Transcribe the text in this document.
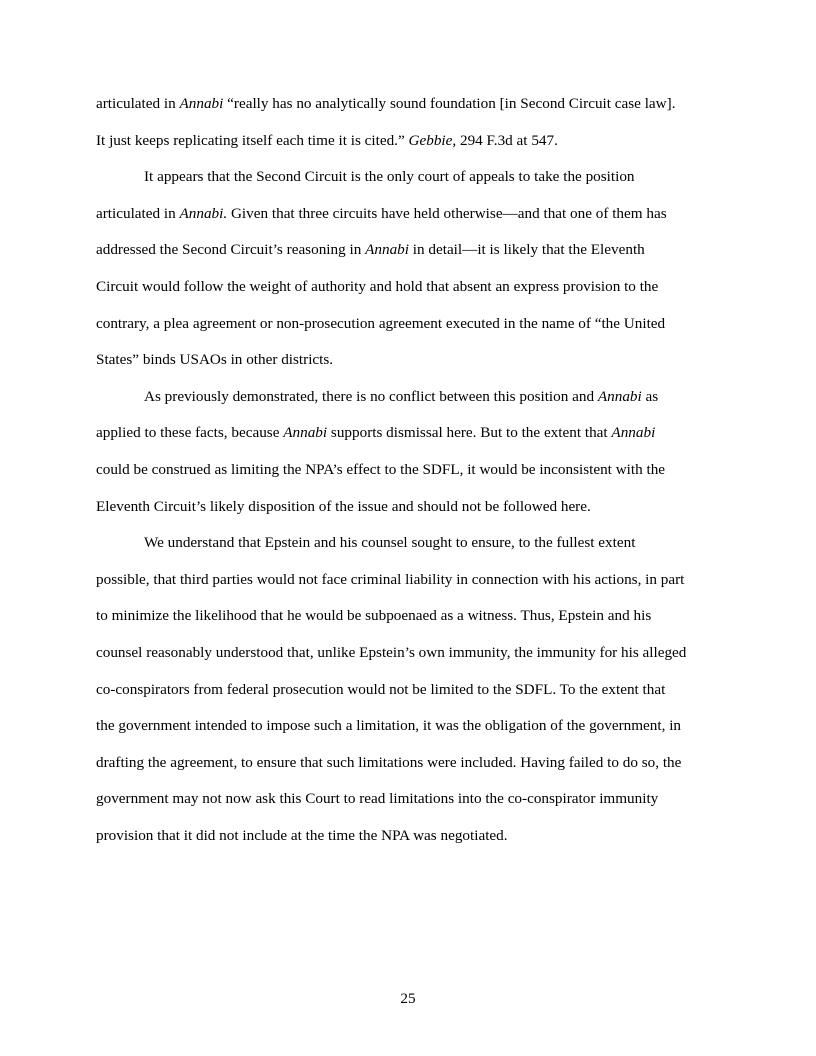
articulated in Annabi “really has no analytically sound foundation [in Second Circuit case law].
It just keeps replicating itself each time it is cited.” Gebbie, 294 F.3d at 547.
It appears that the Second Circuit is the only court of appeals to take the position
articulated in Annabi. Given that three circuits have held otherwise—and that one of them has
addressed the Second Circuit’s reasoning in Annabi in detail—it is likely that the Eleventh
Circuit would follow the weight of authority and hold that absent an express provision to the
contrary, a plea agreement or non-prosecution agreement executed in the name of “the United
States” binds USAOs in other districts.
As previously demonstrated, there is no conflict between this position and Annabi as
applied to these facts, because Annabi supports dismissal here. But to the extent that Annabi
could be construed as limiting the NPA’s effect to the SDFL, it would be inconsistent with the
Eleventh Circuit’s likely disposition of the issue and should not be followed here.
We understand that Epstein and his counsel sought to ensure, to the fullest extent
possible, that third parties would not face criminal liability in connection with his actions, in part
to minimize the likelihood that he would be subpoenaed as a witness. Thus, Epstein and his
counsel reasonably understood that, unlike Epstein’s own immunity, the immunity for his alleged
co-conspirators from federal prosecution would not be limited to the SDFL. To the extent that
the government intended to impose such a limitation, it was the obligation of the government, in
drafting the agreement, to ensure that such limitations were included. Having failed to do so, the
government may not now ask this Court to read limitations into the co-conspirator immunity
provision that it did not include at the time the NPA was negotiated.
25
